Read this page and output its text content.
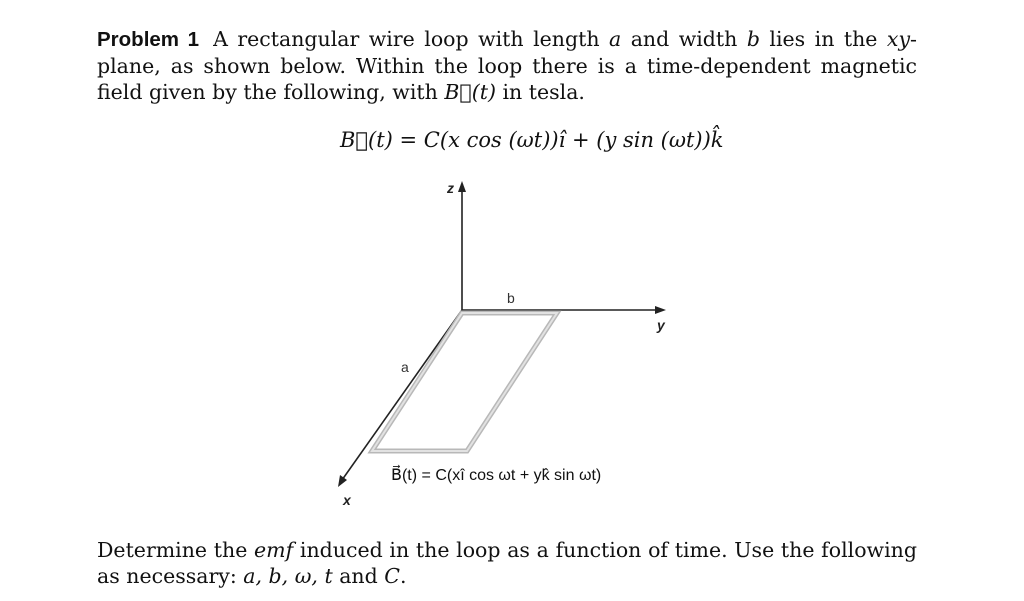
Problem 1 A rectangular wire loop with length a and width b lies in the xy-plane, as shown below. Within the loop there is a time-dependent magnetic field given by the following, with B⃗(t) in tesla.
B⃗(t) = C(x cos (ωt))î + (y sin (ωt))k̂
z
y
x
b
a
B⃗(t) = C(xî cos ωt + yk̂ sin ωt)
Determine the emf induced in the loop as a function of time. Use the following as necessary: a, b, ω, t and C.
